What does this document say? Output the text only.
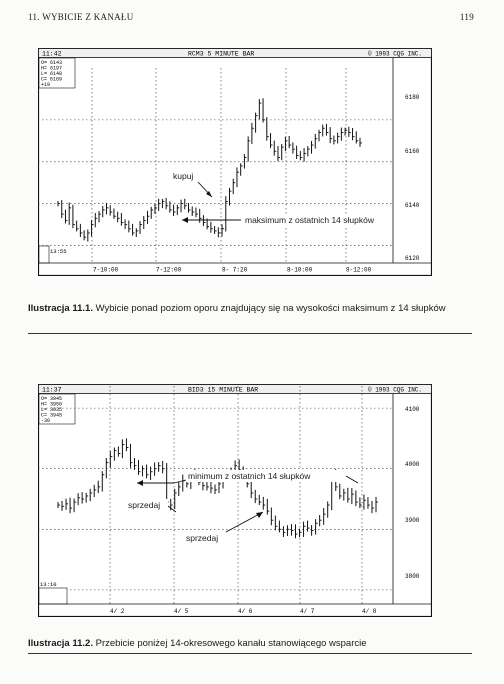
11. WYBICIE Z KANAŁU	119
11:42	RCM3 5 MINUTE BAR	© 1993 CQG INC.
O= 6143
H= 6197
L= 6148
C= 6169
+19
6180
6160
6140
6120
13:55
7-10:00	7-12:00	8- 7:20	8-10:00	8-12:00
kupuj
maksimum z ostatnich 14 słupków
Ilustracja 11.1. Wybicie ponad poziom oporu znajdujący się na wysokości maksimum z 14 słupków
11:37	BID3 15 MINUTE BAR	© 1993 CQG INC.
O= 3945
H= 3950
L= 3935
C= 3945
-30
4100
4000
3900
3800
13:10
4/ 2	4/ 5	4/ 6	4/ 7	4/ 8
minimum z ostatnich 14 słupków
sprzedaj
sprzedaj
Ilustracja 11.2. Przebicie poniżej 14-okresowego kanału stanowiącego wsparcie
